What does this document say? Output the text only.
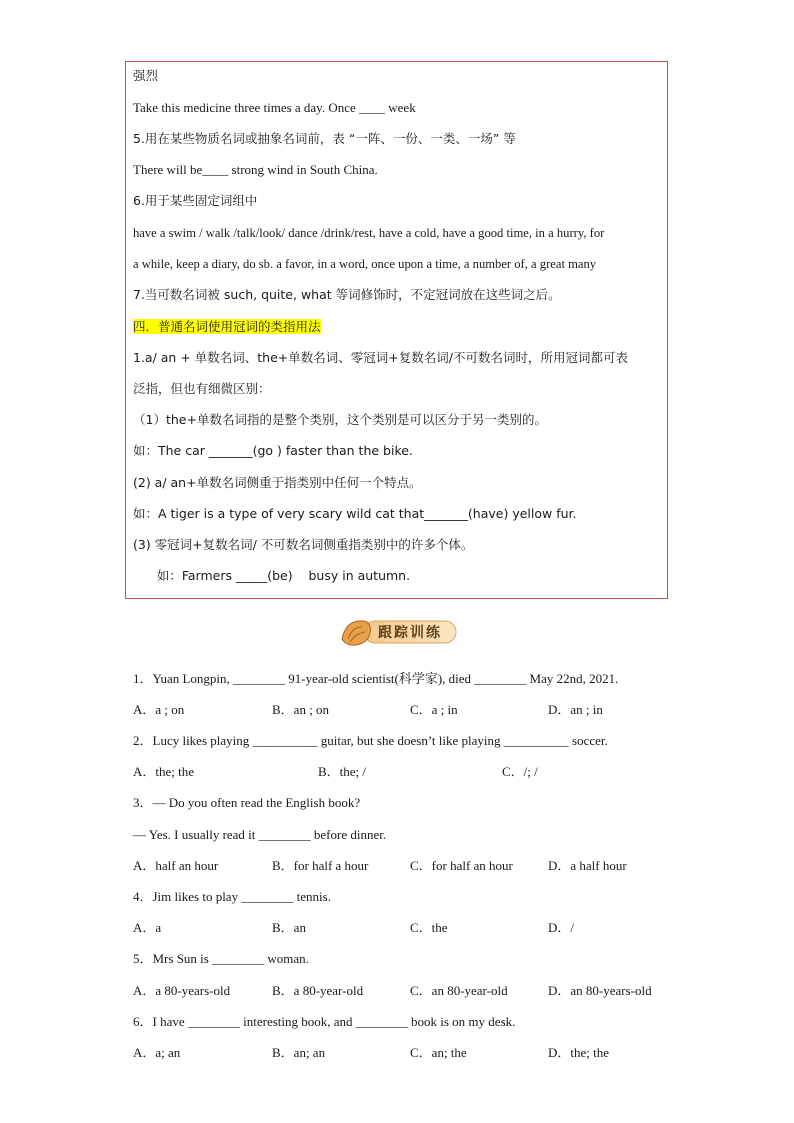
强烈
Take this medicine three times a day. Once ____ week
5.用在某些物质名词或抽象名词前，表 “一阵、一份、一类、一场” 等
There will be____ strong wind in South China.
6.用于某些固定词组中
have a swim / walk /talk/look/ dance /drink/rest, have a cold, have a good time, in a hurry, for
a while, keep a diary, do sb. a favor, in a word, once upon a time, a number of, a great many
7.当可数名词被 such, quite, what 等词修饰时，不定冠词放在这些词之后。
四．普通名词使用冠词的类指用法
1.a/ an + 单数名词、the+单数名词、零冠词+复数名词/不可数名词时，所用冠词都可表
泛指，但也有细微区别：
（1）the+单数名词指的是整个类别，这个类别是可以区分于另一类别的。
如：The car _______(go ) faster than the bike.
(2) a/ an+单数名词侧重于指类别中任何一个特点。
如：A tiger is a type of very scary wild cat that_______(have) yellow fur.
(3) 零冠词+复数名词/ 不可数名词侧重指类别中的许多个体。
如：Farmers _____(be)    busy in autumn.
跟踪训练
1．Yuan Longpin, ________ 91-year-old scientist(科学家), died ________ May 22nd, 2021.
A．a ; on	B．an ; on	C．a ; in	D．an ; in
2．Lucy likes playing __________ guitar, but she doesn’t like playing __________ soccer.
A．the; the	B．the; /	C．/; /
3．— Do you often read the English book?
— Yes. I usually read it ________ before dinner.
A．half an hour	B．for half a hour	C．for half an hour	D．a half hour
4．Jim likes to play ________ tennis.
A．a	B．an	C．the	D．/
5．Mrs Sun is ________ woman.
A．a 80-years-old	B．a 80-year-old	C．an 80-year-old	D．an 80-years-old
6．I have ________ interesting book, and ________ book is on my desk.
A．a; an	B．an; an	C．an; the	D．the; the
